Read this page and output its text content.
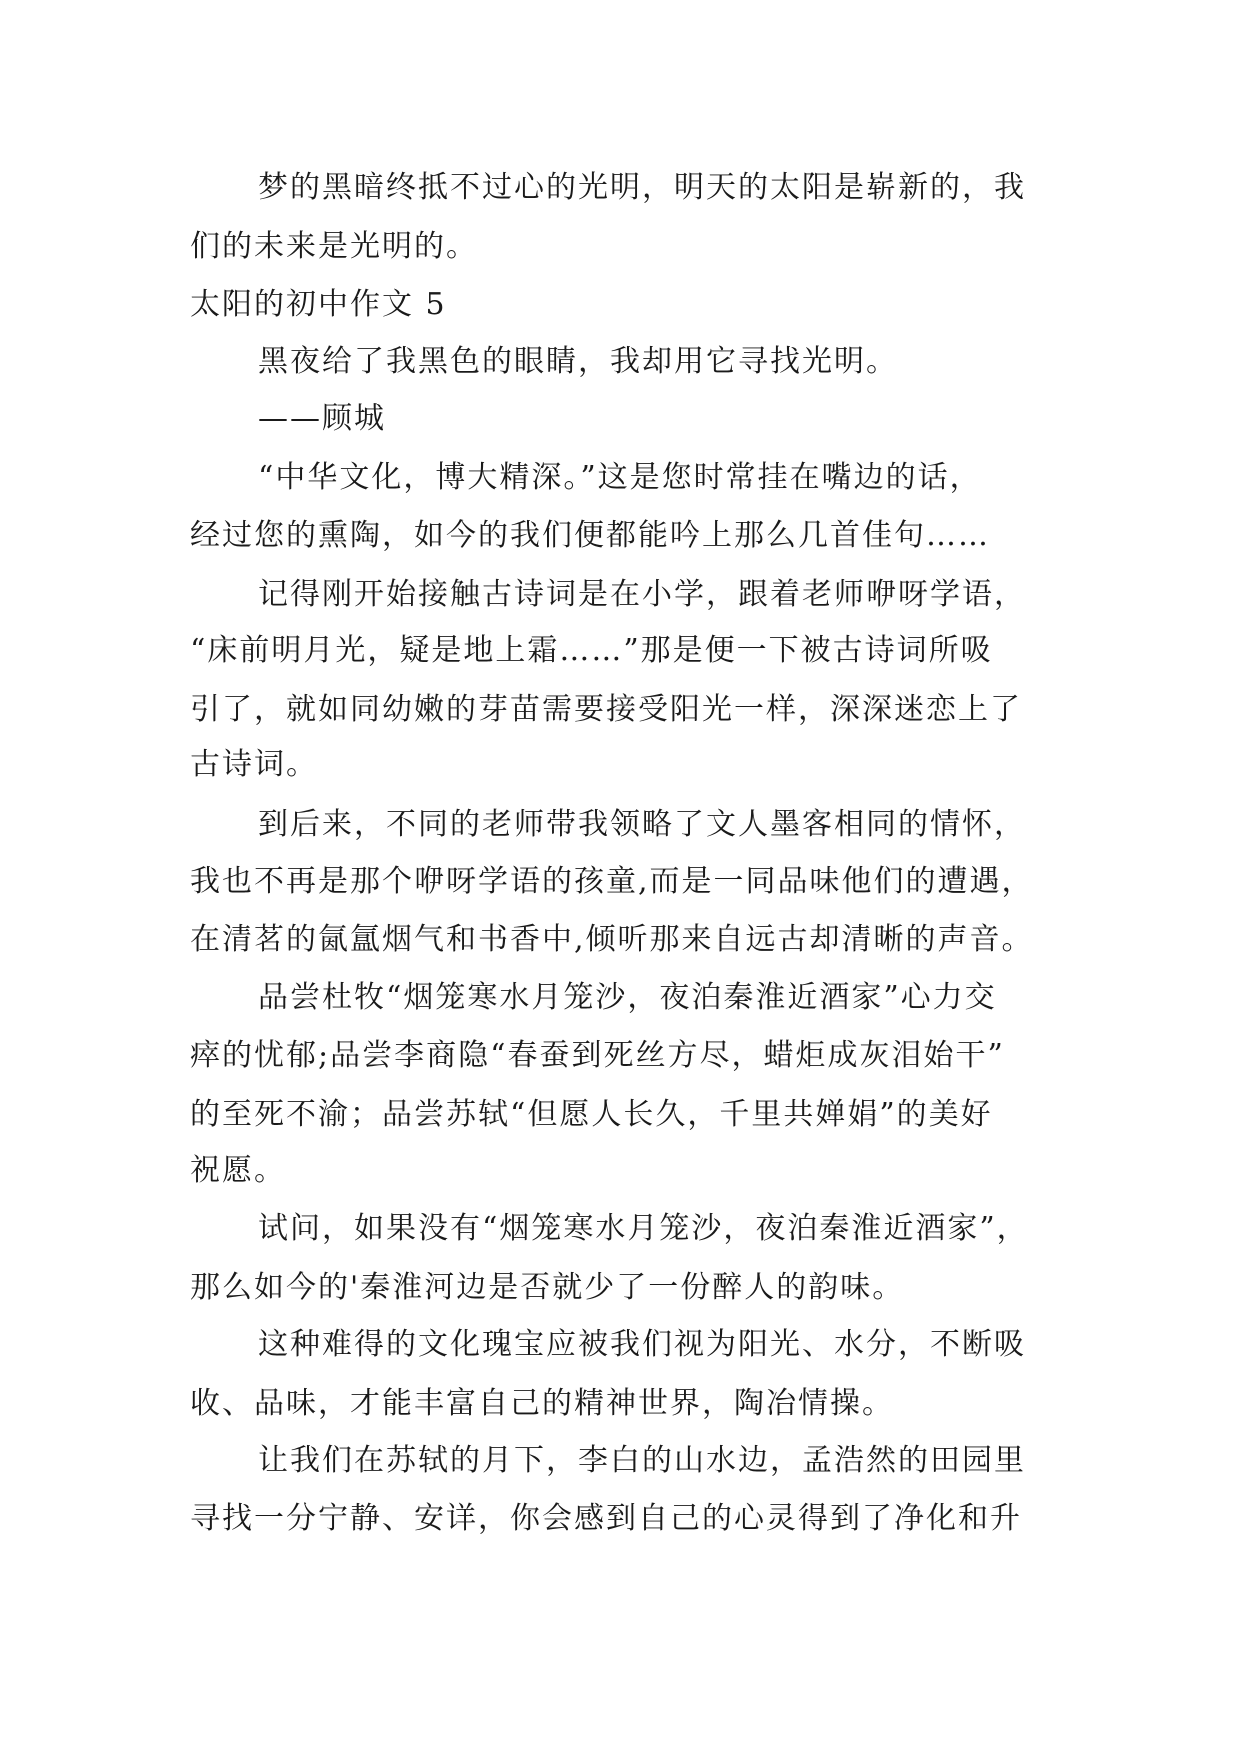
梦的黑暗终抵不过心的光明，明天的太阳是崭新的，我
们的未来是光明的。
太阳的初中作文 5
黑夜给了我黑色的眼睛，我却用它寻找光明。
——顾城
“中华文化，博大精深。”这是您时常挂在嘴边的话，
经过您的熏陶，如今的我们便都能吟上那么几首佳句……
记得刚开始接触古诗词是在小学，跟着老师咿呀学语，
“床前明月光，疑是地上霜……”那是便一下被古诗词所吸
引了，就如同幼嫩的芽苗需要接受阳光一样，深深迷恋上了
古诗词。
到后来，不同的老师带我领略了文人墨客相同的情怀，
我也不再是那个咿呀学语的孩童,而是一同品味他们的遭遇，
在清茗的氤氲烟气和书香中,倾听那来自远古却清晰的声音。
品尝杜牧“烟笼寒水月笼沙，夜泊秦淮近酒家”心力交
瘁的忧郁;品尝李商隐“春蚕到死丝方尽，蜡炬成灰泪始干”
的至死不渝；品尝苏轼“但愿人长久，千里共婵娟”的美好
祝愿。
试问，如果没有“烟笼寒水月笼沙，夜泊秦淮近酒家”，
那么如今的'秦淮河边是否就少了一份醉人的韵味。
这种难得的文化瑰宝应被我们视为阳光、水分，不断吸
收、品味，才能丰富自己的精神世界，陶冶情操。
让我们在苏轼的月下，李白的山水边，孟浩然的田园里
寻找一分宁静、安详，你会感到自己的心灵得到了净化和升
